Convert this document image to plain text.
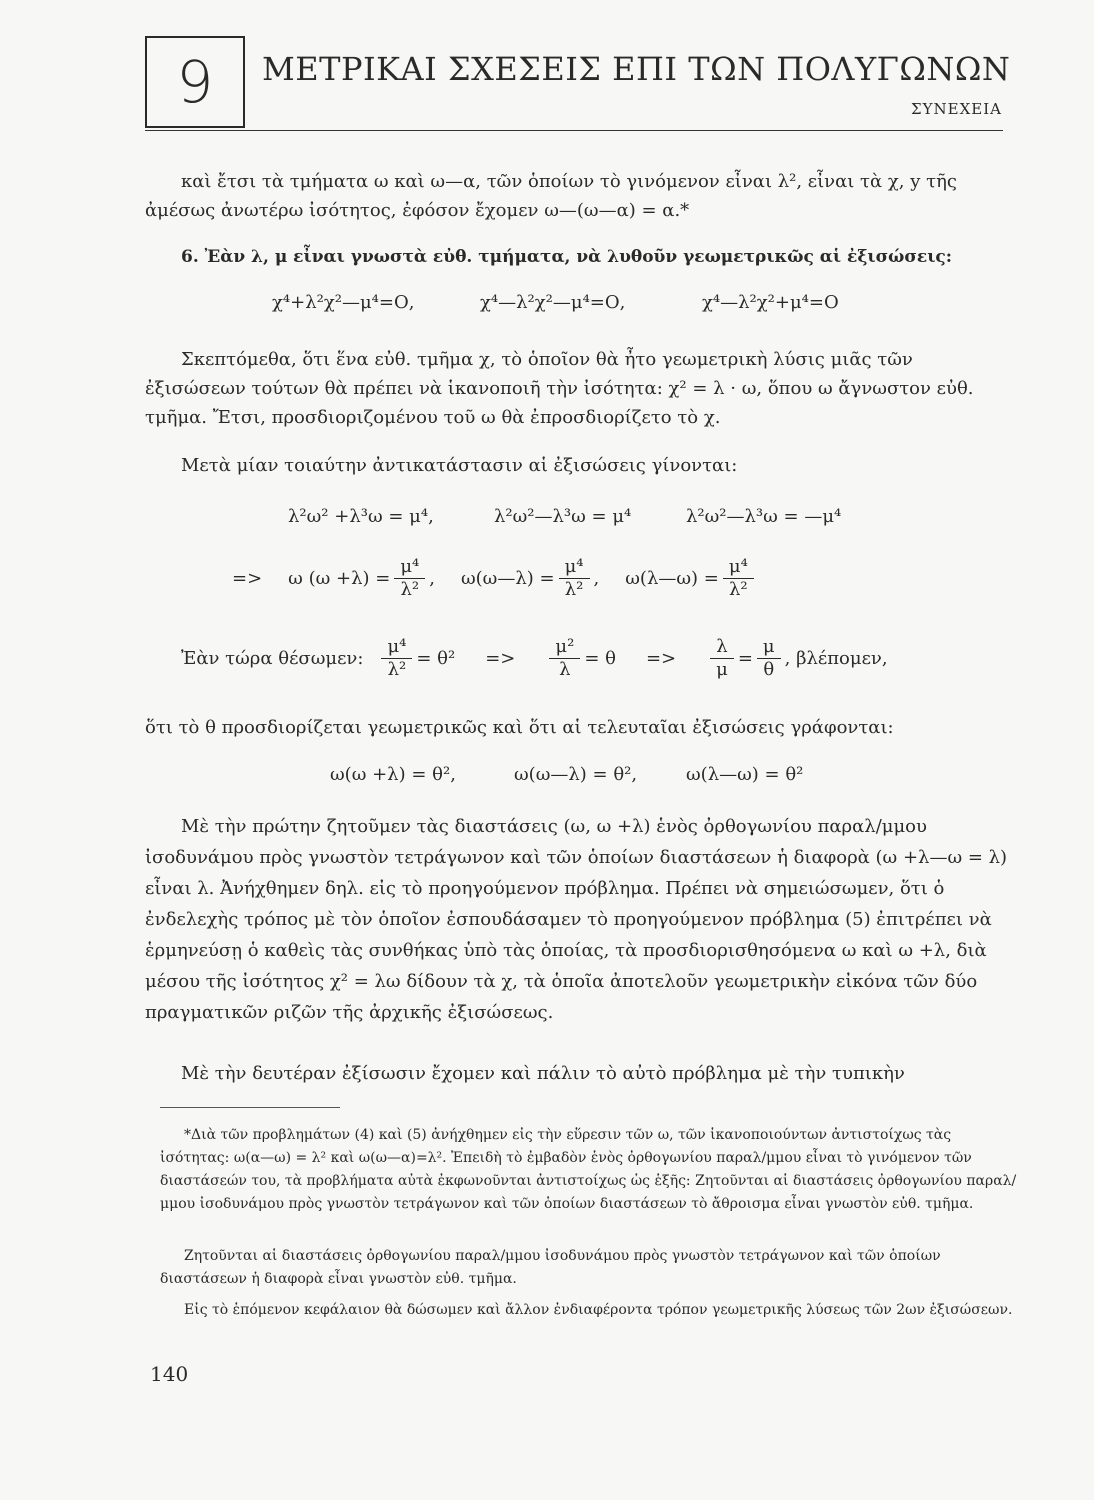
9 ΜΕΤΡΙΚΑΙ ΣΧΕΣΕΙΣ ΕΠΙ ΤΩΝ ΠΟΛΥΓΩΝΩΝ
ΣΥΝΕΧΕΙΑ
καὶ ἔτσι τὰ τμήματα ω καὶ ω—α, τῶν ὁποίων τὸ γινόμενον εἶναι λ², εἶναι τὰ χ, y τῆς ἀμέσως ἀνωτέρω ἰσότητος, ἐφόσον ἔχομεν ω—(ω—α) = α.*
6. Ἐὰν λ, μ εἶναι γνωστὰ εὐθ. τμήματα, νὰ λυθοῦν γεωμετρικῶς αἱ ἐξισώσεις:
χ⁴+λ²χ²—μ⁴=Ο,	χ⁴—λ²χ²—μ⁴=Ο,	χ⁴—λ²χ²+μ⁴=Ο
Σκεπτόμεθα, ὅτι ἕνα εὐθ. τμῆμα χ, τὸ ὁποῖον θὰ ἦτο γεωμετρικὴ λύσις μιᾶς τῶν ἐξισώσεων τούτων θὰ πρέπει νὰ ἱκανοποιῆ τὴν ἰσότητα: χ² = λ · ω, ὅπου ω ἄγνωστον εὐθ. τμῆμα. Ἔτσι, προσδιοριζομένου τοῦ ω θὰ ἐπροσδιορίζετο τὸ χ.
Μετὰ μίαν τοιαύτην ἀντικατάστασιν αἱ ἐξισώσεις γίνονται:
λ²ω² +λ³ω = μ⁴,	λ²ω²—λ³ω = μ⁴	λ²ω²—λ³ω = —μ⁴
=> ω $(\omega +\lambda) = \frac{\text{μ⁴}}{\text{λ²}}$ , ω(ω—λ) = $\frac{\text{μ⁴}}{\text{λ²}}$ , ω(λ—ω) = $\frac{\text{μ⁴}}{\text{λ²}}$
Ἐὰν τώρα θέσωμεν: $\frac{\text{μ⁴}}{\text{λ²}} = \theta^2 => \frac{\text{μ²}}{\lambda} = \theta => \frac{\lambda}{\mu} = \frac{\mu}{\theta}$ , βλέπομεν,
ὅτι τὸ θ προσδιορίζεται γεωμετρικῶς καὶ ὅτι αἱ τελευταῖαι ἐξισώσεις γράφονται:
ω(ω +λ) = θ²,	ω(ω—λ) = θ²,	ω(λ—ω) = θ²
Μὲ τὴν πρώτην ζητοῦμεν τὰς διαστάσεις (ω, ω +λ) ἑνὸς ὀρθογωνίου παραλ/μμου ἰσοδυνάμου πρὸς γνωστὸν τετράγωνον καὶ τῶν ὁποίων διαστάσεων ἡ διαφορὰ (ω +λ—ω = λ) εἶναι λ. Ἀνήχθημεν δηλ. εἰς τὸ προηγούμενον πρόβλημα. Πρέπει νὰ σημειώσωμεν, ὅτι ὁ ἐνδελεχὴς τρόπος μὲ τὸν ὁποῖον ἐσπουδάσαμεν τὸ προηγούμενον πρόβλημα (5) ἐπιτρέπει νὰ ἑρμηνεύσῃ ὁ καθεὶς τὰς συνθήκας ὑπὸ τὰς ὁποίας, τὰ προσδιορισθησόμενα ω καὶ ω +λ, διὰ μέσου τῆς ἰσότητος χ² = λω δίδουν τὰ χ, τὰ ὁποῖα ἀποτελοῦν γεωμετρικὴν εἰκόνα τῶν δύο πραγματικῶν ριζῶν τῆς ἀρχικῆς ἐξισώσεως.
Μὲ τὴν δευτέραν ἐξίσωσιν ἔχομεν καὶ πάλιν τὸ αὐτὸ πρόβλημα μὲ τὴν τυπικὴν
*Διὰ τῶν προβλημάτων (4) καὶ (5) ἀνήχθημεν εἰς τὴν εὕρεσιν τῶν ω, τῶν ἱκανοποιούντων ἀντιστοίχως τὰς ἰσότητας: ω(α—ω) = λ² καὶ ω(ω—α)=λ². Ἐπειδὴ τὸ ἐμβαδὸν ἑνὸς ὀρθογωνίου παραλ/μμου εἶναι τὸ γινόμενον τῶν διαστάσεών του, τὰ προβλήματα αὐτὰ ἐκφωνοῦνται ἀντιστοίχως ὡς ἑξῆς: Ζητοῦνται αἱ διαστάσεις ὀρθογωνίου παραλ/μμου ἰσοδυνάμου πρὸς γνωστὸν τετράγωνον καὶ τῶν ὁποίων διαστάσεων τὸ ἄθροισμα εἶναι γνωστὸν εὐθ. τμῆμα.
Ζητοῦνται αἱ διαστάσεις ὀρθογωνίου παραλ/μμου ἰσοδυνάμου πρὸς γνωστὸν τετράγωνον καὶ τῶν ὁποίων διαστάσεων ἡ διαφορὰ εἶναι γνωστὸν εὐθ. τμῆμα.
Εἰς τὸ ἑπόμενον κεφάλαιον θὰ δώσωμεν καὶ ἄλλον ἐνδιαφέροντα τρόπον γεωμετρικῆς λύσεως τῶν 2ων ἐξισώσεων.
140
